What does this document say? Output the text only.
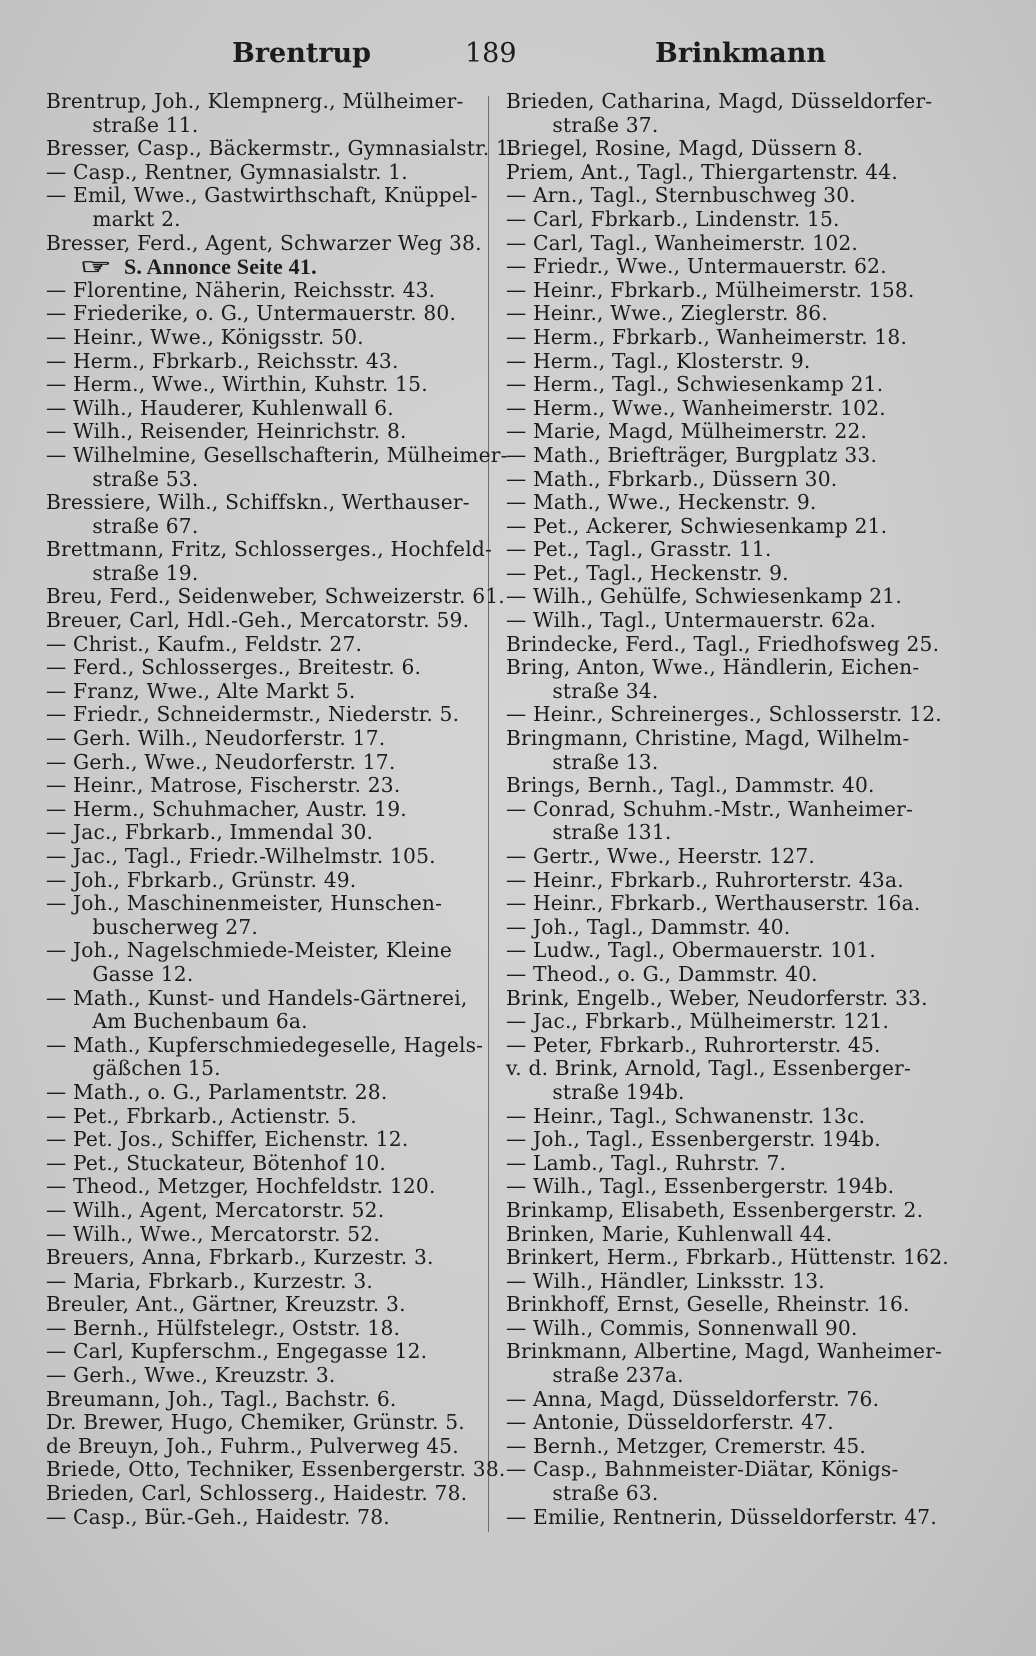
Brentrup	189	Brinkmann
Brentrup, Joh., Klempnerg., Mülheimer-
straße 11.
Bresser, Casp., Bäckermstr., Gymnasialstr. 1.
— Casp., Rentner, Gymnasialstr. 1.
— Emil, Wwe., Gastwirthschaft, Knüppel-
markt 2.
Bresser, Ferd., Agent, Schwarzer Weg 38.
☞ S. Annonce Seite 41.
— Florentine, Näherin, Reichsstr. 43.
— Friederike, o. G., Untermauerstr. 80.
— Heinr., Wwe., Königsstr. 50.
— Herm., Fbrkarb., Reichsstr. 43.
— Herm., Wwe., Wirthin, Kuhstr. 15.
— Wilh., Hauderer, Kuhlenwall 6.
— Wilh., Reisender, Heinrichstr. 8.
— Wilhelmine, Gesellschafterin, Mülheimer-
straße 53.
Bressiere, Wilh., Schiffskn., Werthauser-
straße 67.
Brettmann, Fritz, Schlosserges., Hochfeld-
straße 19.
Breu, Ferd., Seidenweber, Schweizerstr. 61.
Breuer, Carl, Hdl.-Geh., Mercatorstr. 59.
— Christ., Kaufm., Feldstr. 27.
— Ferd., Schlosserges., Breitestr. 6.
— Franz, Wwe., Alte Markt 5.
— Friedr., Schneidermstr., Niederstr. 5.
— Gerh. Wilh., Neudorferstr. 17.
— Gerh., Wwe., Neudorferstr. 17.
— Heinr., Matrose, Fischerstr. 23.
— Herm., Schuhmacher, Austr. 19.
— Jac., Fbrkarb., Immendal 30.
— Jac., Tagl., Friedr.-Wilhelmstr. 105.
— Joh., Fbrkarb., Grünstr. 49.
— Joh., Maschinenmeister, Hunschen-
buscherweg 27.
— Joh., Nagelschmiede-Meister, Kleine
Gasse 12.
— Math., Kunst- und Handels-Gärtnerei,
Am Buchenbaum 6a.
— Math., Kupferschmiedegeselle, Hagels-
gäßchen 15.
— Math., o. G., Parlamentstr. 28.
— Pet., Fbrkarb., Actienstr. 5.
— Pet. Jos., Schiffer, Eichenstr. 12.
— Pet., Stuckateur, Bötenhof 10.
— Theod., Metzger, Hochfeldstr. 120.
— Wilh., Agent, Mercatorstr. 52.
— Wilh., Wwe., Mercatorstr. 52.
Breuers, Anna, Fbrkarb., Kurzestr. 3.
— Maria, Fbrkarb., Kurzestr. 3.
Breuler, Ant., Gärtner, Kreuzstr. 3.
— Bernh., Hülfstelegr., Oststr. 18.
— Carl, Kupferschm., Engegasse 12.
— Gerh., Wwe., Kreuzstr. 3.
Breumann, Joh., Tagl., Bachstr. 6.
Dr. Brewer, Hugo, Chemiker, Grünstr. 5.
de Breuyn, Joh., Fuhrm., Pulverweg 45.
Briede, Otto, Techniker, Essenbergerstr. 38.
Brieden, Carl, Schlosserg., Haidestr. 78.
— Casp., Bür.-Geh., Haidestr. 78.
Brieden, Catharina, Magd, Düsseldorfer-
straße 37.
Briegel, Rosine, Magd, Düssern 8.
Priem, Ant., Tagl., Thiergartenstr. 44.
— Arn., Tagl., Sternbuschweg 30.
— Carl, Fbrkarb., Lindenstr. 15.
— Carl, Tagl., Wanheimerstr. 102.
— Friedr., Wwe., Untermauerstr. 62.
— Heinr., Fbrkarb., Mülheimerstr. 158.
— Heinr., Wwe., Zieglerstr. 86.
— Herm., Fbrkarb., Wanheimerstr. 18.
— Herm., Tagl., Klosterstr. 9.
— Herm., Tagl., Schwiesenkamp 21.
— Herm., Wwe., Wanheimerstr. 102.
— Marie, Magd, Mülheimerstr. 22.
— Math., Briefträger, Burgplatz 33.
— Math., Fbrkarb., Düssern 30.
— Math., Wwe., Heckenstr. 9.
— Pet., Ackerer, Schwiesenkamp 21.
— Pet., Tagl., Grasstr. 11.
— Pet., Tagl., Heckenstr. 9.
— Wilh., Gehülfe, Schwiesenkamp 21.
— Wilh., Tagl., Untermauerstr. 62a.
Brindecke, Ferd., Tagl., Friedhofsweg 25.
Bring, Anton, Wwe., Händlerin, Eichen-
straße 34.
— Heinr., Schreinerges., Schlosserstr. 12.
Bringmann, Christine, Magd, Wilhelm-
straße 13.
Brings, Bernh., Tagl., Dammstr. 40.
— Conrad, Schuhm.-Mstr., Wanheimer-
straße 131.
— Gertr., Wwe., Heerstr. 127.
— Heinr., Fbrkarb., Ruhrorterstr. 43a.
— Heinr., Fbrkarb., Werthauserstr. 16a.
— Joh., Tagl., Dammstr. 40.
— Ludw., Tagl., Obermauerstr. 101.
— Theod., o. G., Dammstr. 40.
Brink, Engelb., Weber, Neudorferstr. 33.
— Jac., Fbrkarb., Mülheimerstr. 121.
— Peter, Fbrkarb., Ruhrorterstr. 45.
v. d. Brink, Arnold, Tagl., Essenberger-
straße 194b.
— Heinr., Tagl., Schwanenstr. 13c.
— Joh., Tagl., Essenbergerstr. 194b.
— Lamb., Tagl., Ruhrstr. 7.
— Wilh., Tagl., Essenbergerstr. 194b.
Brinkamp, Elisabeth, Essenbergerstr. 2.
Brinken, Marie, Kuhlenwall 44.
Brinkert, Herm., Fbrkarb., Hüttenstr. 162.
— Wilh., Händler, Linksstr. 13.
Brinkhoff, Ernst, Geselle, Rheinstr. 16.
— Wilh., Commis, Sonnenwall 90.
Brinkmann, Albertine, Magd, Wanheimer-
straße 237a.
— Anna, Magd, Düsseldorferstr. 76.
— Antonie, Düsseldorferstr. 47.
— Bernh., Metzger, Cremerstr. 45.
— Casp., Bahnmeister-Diätar, Königs-
straße 63.
— Emilie, Rentnerin, Düsseldorferstr. 47.
